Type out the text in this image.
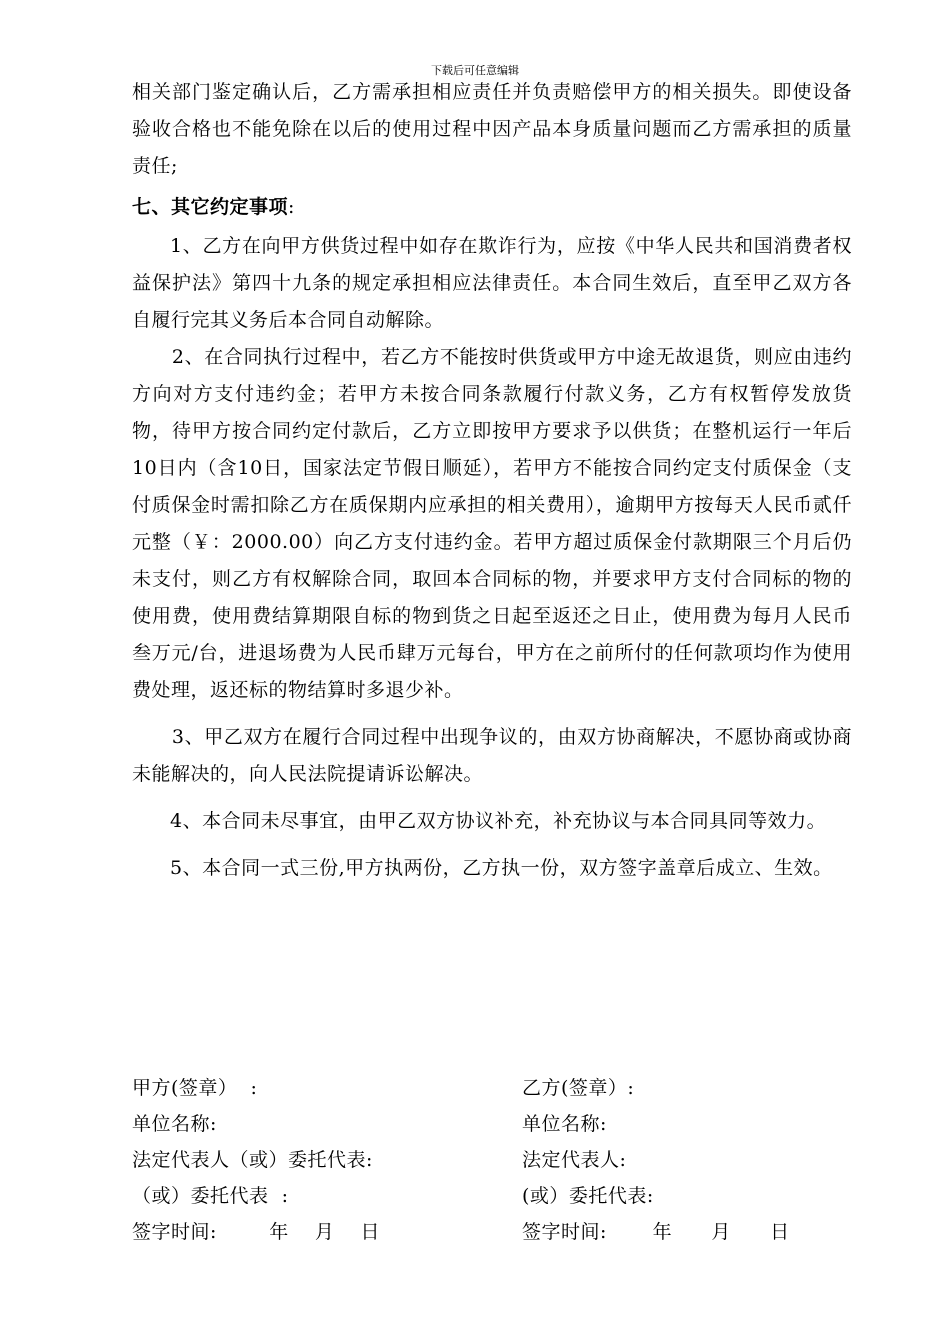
下载后可任意编辑

相关部门鉴定确认后，乙方需承担相应责任并负责赔偿甲方的相关损失。即使设备验收合格也不能免除在以后的使用过程中因产品本身质量问题而乙方需承担的质量责任;

七、其它约定事项:

1、乙方在向甲方供货过程中如存在欺诈行为，应按《中华人民共和国消费者权益保护法》第四十九条的规定承担相应法律责任。本合同生效后，直至甲乙双方各自履行完其义务后本合同自动解除。

2、在合同执行过程中，若乙方不能按时供货或甲方中途无故退货，则应由违约方向对方支付违约金；若甲方未按合同条款履行付款义务，乙方有权暂停发放货物，待甲方按合同约定付款后，乙方立即按甲方要求予以供货；在整机运行一年后10日内（含10日，国家法定节假日顺延），若甲方不能按合同约定支付质保金（支付质保金时需扣除乙方在质保期内应承担的相关费用），逾期甲方按每天人民币贰仟元整（￥：2000.00）向乙方支付违约金。若甲方超过质保金付款期限三个月后仍未支付，则乙方有权解除合同，取回本合同标的物，并要求甲方支付合同标的物的使用费，使用费结算期限自标的物到货之日起至返还之日止，使用费为每月人民币叁万元/台，进退场费为人民币肆万元每台，甲方在之前所付的任何款项均作为使用费处理，返还标的物结算时多退少补。

3、甲乙双方在履行合同过程中出现争议的，由双方协商解决，不愿协商或协商未能解决的，向人民法院提请诉讼解决。

4、本合同未尽事宜，由甲乙双方协议补充，补充协议与本合同具同等效力。

5、本合同一式三份,甲方执两份，乙方执一份，双方签字盖章后成立、生效。

甲方(签章）  :	乙方(签章）:
单位名称:	单位名称:
法定代表人（或）委托代表:	法定代表人:
（或）委托代表  :	(或）委托代表:
签字时间:        年    月    日	签字时间:       年      月      日
